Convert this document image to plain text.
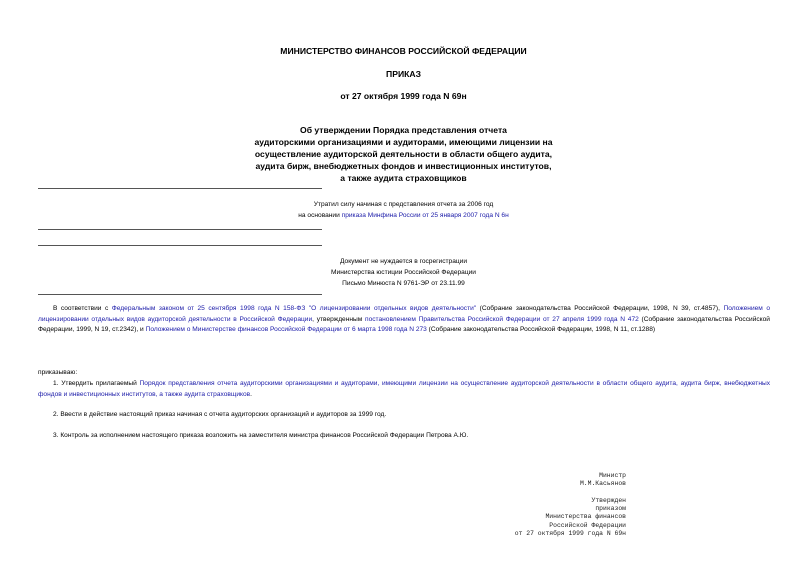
МИНИСТЕРСТВО ФИНАНСОВ РОССИЙСКОЙ ФЕДЕРАЦИИ
ПРИКАЗ
от 27 октября 1999 года N 69н
Об утверждении Порядка представления отчета
аудиторскими организациями и аудиторами, имеющими лицензии на
осуществление аудиторской деятельности в области общего аудита,
аудита бирж, внебюджетных фондов и инвестиционных институтов,
а также аудита страховщиков
Утратил силу начиная с представления отчета за 2006 год
на основании приказа Минфина России от 25 января 2007 года N 6н
Документ не нуждается в госрегистрации
Министерства юстиции Российской Федерации
Письмо Минюста N 9761-ЭР от 23.11.99
В соответствии с Федеральным законом от 25 сентября 1998 года N 158-ФЗ "О лицензировании отдельных видов деятельности" (Собрание законодательства Российской Федерации, 1998, N 39, ст.4857), Положением о лицензировании отдельных видов аудиторской деятельности в Российской Федерации, утвержденным постановлением Правительства Российской Федерации от 27 апреля 1999 года N 472 (Собрание законодательства Российской Федерации, 1999, N 19, ст.2342), и Положением о Министерстве финансов Российской Федерации от 6 марта 1998 года N 273 (Собрание законодательства Российской Федерации, 1998, N 11, ст.1288)
приказываю:
1. Утвердить прилагаемый Порядок представления отчета аудиторскими организациями и аудиторами, имеющими лицензии на осуществление аудиторской деятельности в области общего аудита, аудита бирж, внебюджетных фондов и инвестиционных институтов, а также аудита страховщиков.
2. Ввести в действие настоящий приказ начиная с отчета аудиторских организаций и аудиторов за 1999 год.
3. Контроль за исполнением настоящего приказа возложить на заместителя министра финансов Российской Федерации Петрова А.Ю.
Министр
М.М.Касьянов
Утвержден
приказом
Министерства финансов
Российской Федерации
от 27 октября 1999 года N 69н
